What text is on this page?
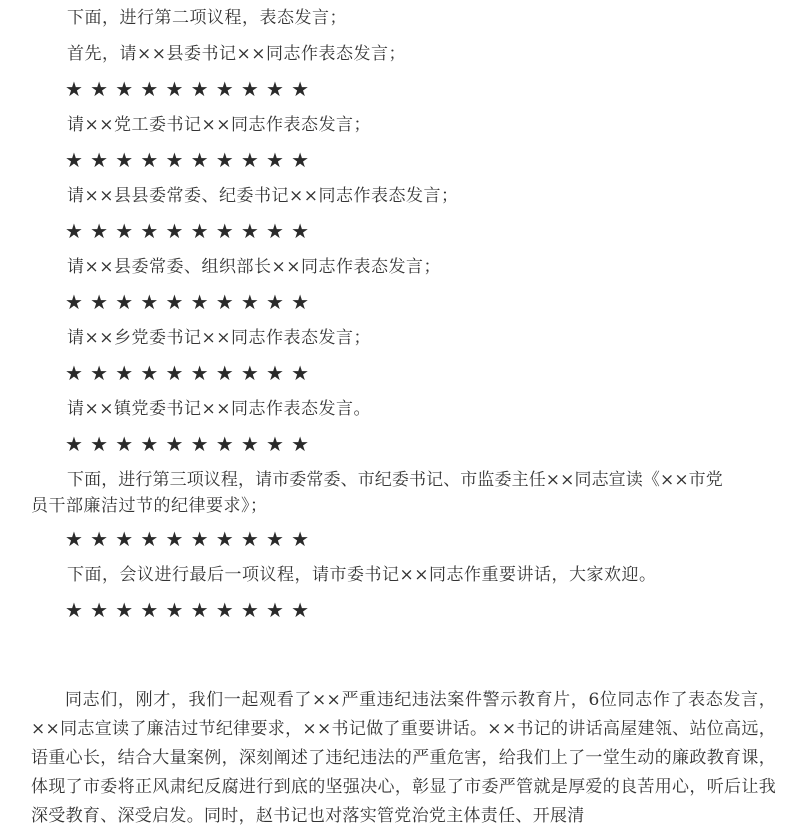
下面，进行第二项议程，表态发言；
首先，请××县委书记××同志作表态发言；
★★★★★★★★★★
请××党工委书记××同志作表态发言；
★★★★★★★★★★
请××县县委常委、纪委书记××同志作表态发言；
★★★★★★★★★★
请××县委常委、组织部长××同志作表态发言；
★★★★★★★★★★
请××乡党委书记××同志作表态发言；
★★★★★★★★★★
请××镇党委书记××同志作表态发言。
★★★★★★★★★★
下面，进行第三项议程，请市委常委、市纪委书记、市监委主任××同志宣读《××市党
员干部廉洁过节的纪律要求》；
★★★★★★★★★★
下面，会议进行最后一项议程，请市委书记××同志作重要讲话，大家欢迎。
★★★★★★★★★★
同志们，刚才，我们一起观看了××严重违纪违法案件警示教育片，6位同志作了表态发言，××同志宣读了廉洁过节纪律要求，××书记做了重要讲话。××书记的讲话高屋建瓴、站位高远，语重心长，结合大量案例，深刻阐述了违纪违法的严重危害，给我们上了一堂生动的廉政教育课，体现了市委将正风肃纪反腐进行到底的坚强决心，彰显了市委严管就是厚爱的良苦用心，听后让我深受教育、深受启发。同时，赵书记也对落实管党治党主体责任、开展清
